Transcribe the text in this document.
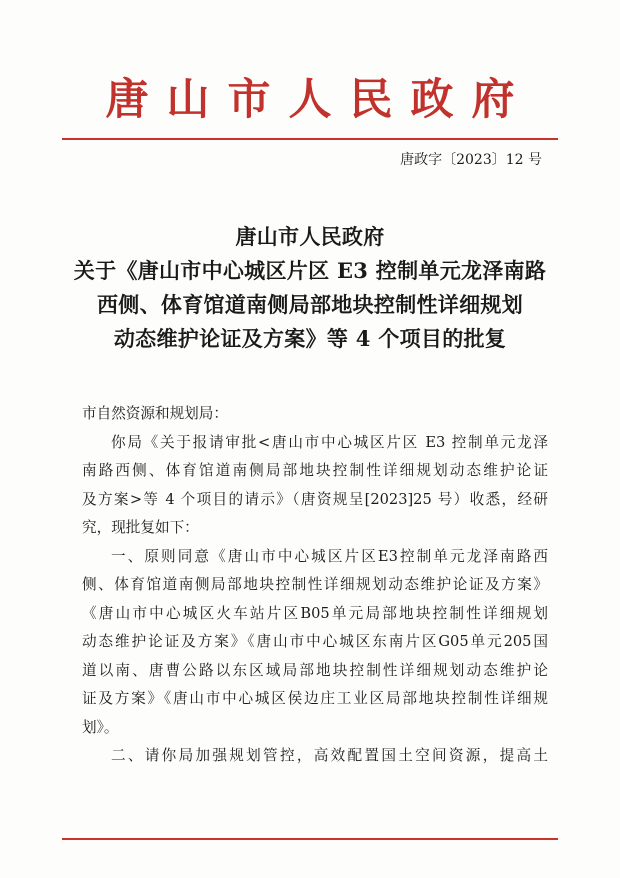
唐山市人民政府
唐政字〔2023〕12 号
唐山市人民政府
关于《唐山市中心城区片区 E3 控制单元龙泽南路
西侧、体育馆道南侧局部地块控制性详细规划
动态维护论证及方案》等 4 个项目的批复
市自然资源和规划局：
你局《关于报请审批<唐山市中心城区片区 E3 控制单元龙泽
南路西侧、体育馆道南侧局部地块控制性详细规划动态维护论证
及方案>等 4 个项目的请示》（唐资规呈[2023]25 号）收悉，经研
究，现批复如下：
一、原则同意《唐山市中心城区片区E3控制单元龙泽南路西
侧、体育馆道南侧局部地块控制性详细规划动态维护论证及方案》
《唐山市中心城区火车站片区B05单元局部地块控制性详细规划
动态维护论证及方案》《唐山市中心城区东南片区G05单元205国
道以南、唐曹公路以东区域局部地块控制性详细规划动态维护论
证及方案》《唐山市中心城区侯边庄工业区局部地块控制性详细规
划》。
二、请你局加强规划管控，高效配置国土空间资源，提高土
